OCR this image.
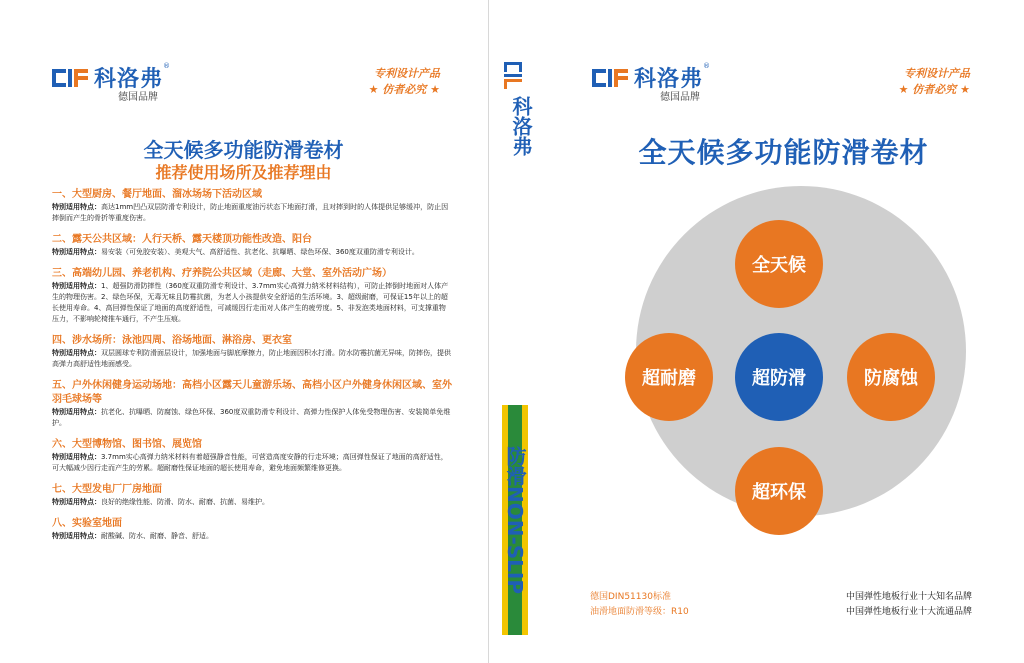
科洛弗
®
德国品牌
专利设计产品
★ 仿者必究 ★
全天候多功能防滑卷材
推荐使用场所及推荐理由
一、大型厨房、餐厅地面、溜冰场场下活动区域
特别适用特点：高达1mm凹凸双层防滑专利设计，防止地面重度油污状态下地面打滑，且对摔到时的人体提供足够缓冲，防止因摔倒而产生的骨折等重度伤害。
二、露天公共区域：人行天桥、露天楼顶功能性改造、阳台
特别适用特点：易安装（可免胶安装）、美观大气、高舒适性、抗老化、抗曝晒、绿色环保、360度双重防滑专利设计。
三、高端幼儿园、养老机构、疗养院公共区域（走廊、大堂、室外活动广场）
特别适用特点：1、超强防滑防摔性（360度双重防滑专利设计、3.7mm实心高弹力纳米材料结构），可防止摔倒时地面对人体产生的物理伤害。2、绿色环保，无毒无味且防霉抗菌，为老人小孩提供安全舒适的生活环境。3、超级耐磨，可保证15年以上的超长使用寿命。4、高回弹性保证了地面的高度舒适性，可减缓因行走而对人体产生的疲劳度。5、非发泡类地面材料，可支撑重物压力，不影响轮椅推车通行，不产生压痕。
四、涉水场所：泳池四周、浴场地面、淋浴房、更衣室
特别适用特点：双层圆球专利防滑面层设计，加强地面与脚底摩擦力，防止地面因积水打滑。防水防霉抗菌无异味，防摔伤，提供高弹力高舒适性地面感受。
五、户外休闲健身运动场地：高档小区露天儿童游乐场、高档小区户外健身休闲区域、室外羽毛球场等
特别适用特点：抗老化、抗曝晒、防腐蚀、绿色环保、360度双重防滑专利设计、高弹力性保护人体免受物理伤害、安装简单免维护。
六、大型博物馆、图书馆、展览馆
特别适用特点：3.7mm实心高弹力纳米材料有着超强静音性能，可营造高度安静的行走环境；高回弹性保证了地面的高舒适性，可大幅减少因行走而产生的劳累。超耐磨性保证地面的超长使用寿命，避免地面频繁维修更换。
七、大型发电厂厂房地面
特别适用特点：良好的绝缘性能、防滑、防水、耐磨、抗菌、易维护。
八、实验室地面
特别适用特点：耐酸碱、防水、耐磨、静音、舒适。
科洛弗
防滑NON-SLIP
科洛弗
®
德国品牌
专利设计产品
★ 仿者必究 ★
全天候多功能防滑卷材
全天候
超耐磨	超防滑	防腐蚀
超环保
德国DIN51130标准
油滑地面防滑等级：R10
中国弹性地板行业十大知名品牌
中国弹性地板行业十大流通品牌
